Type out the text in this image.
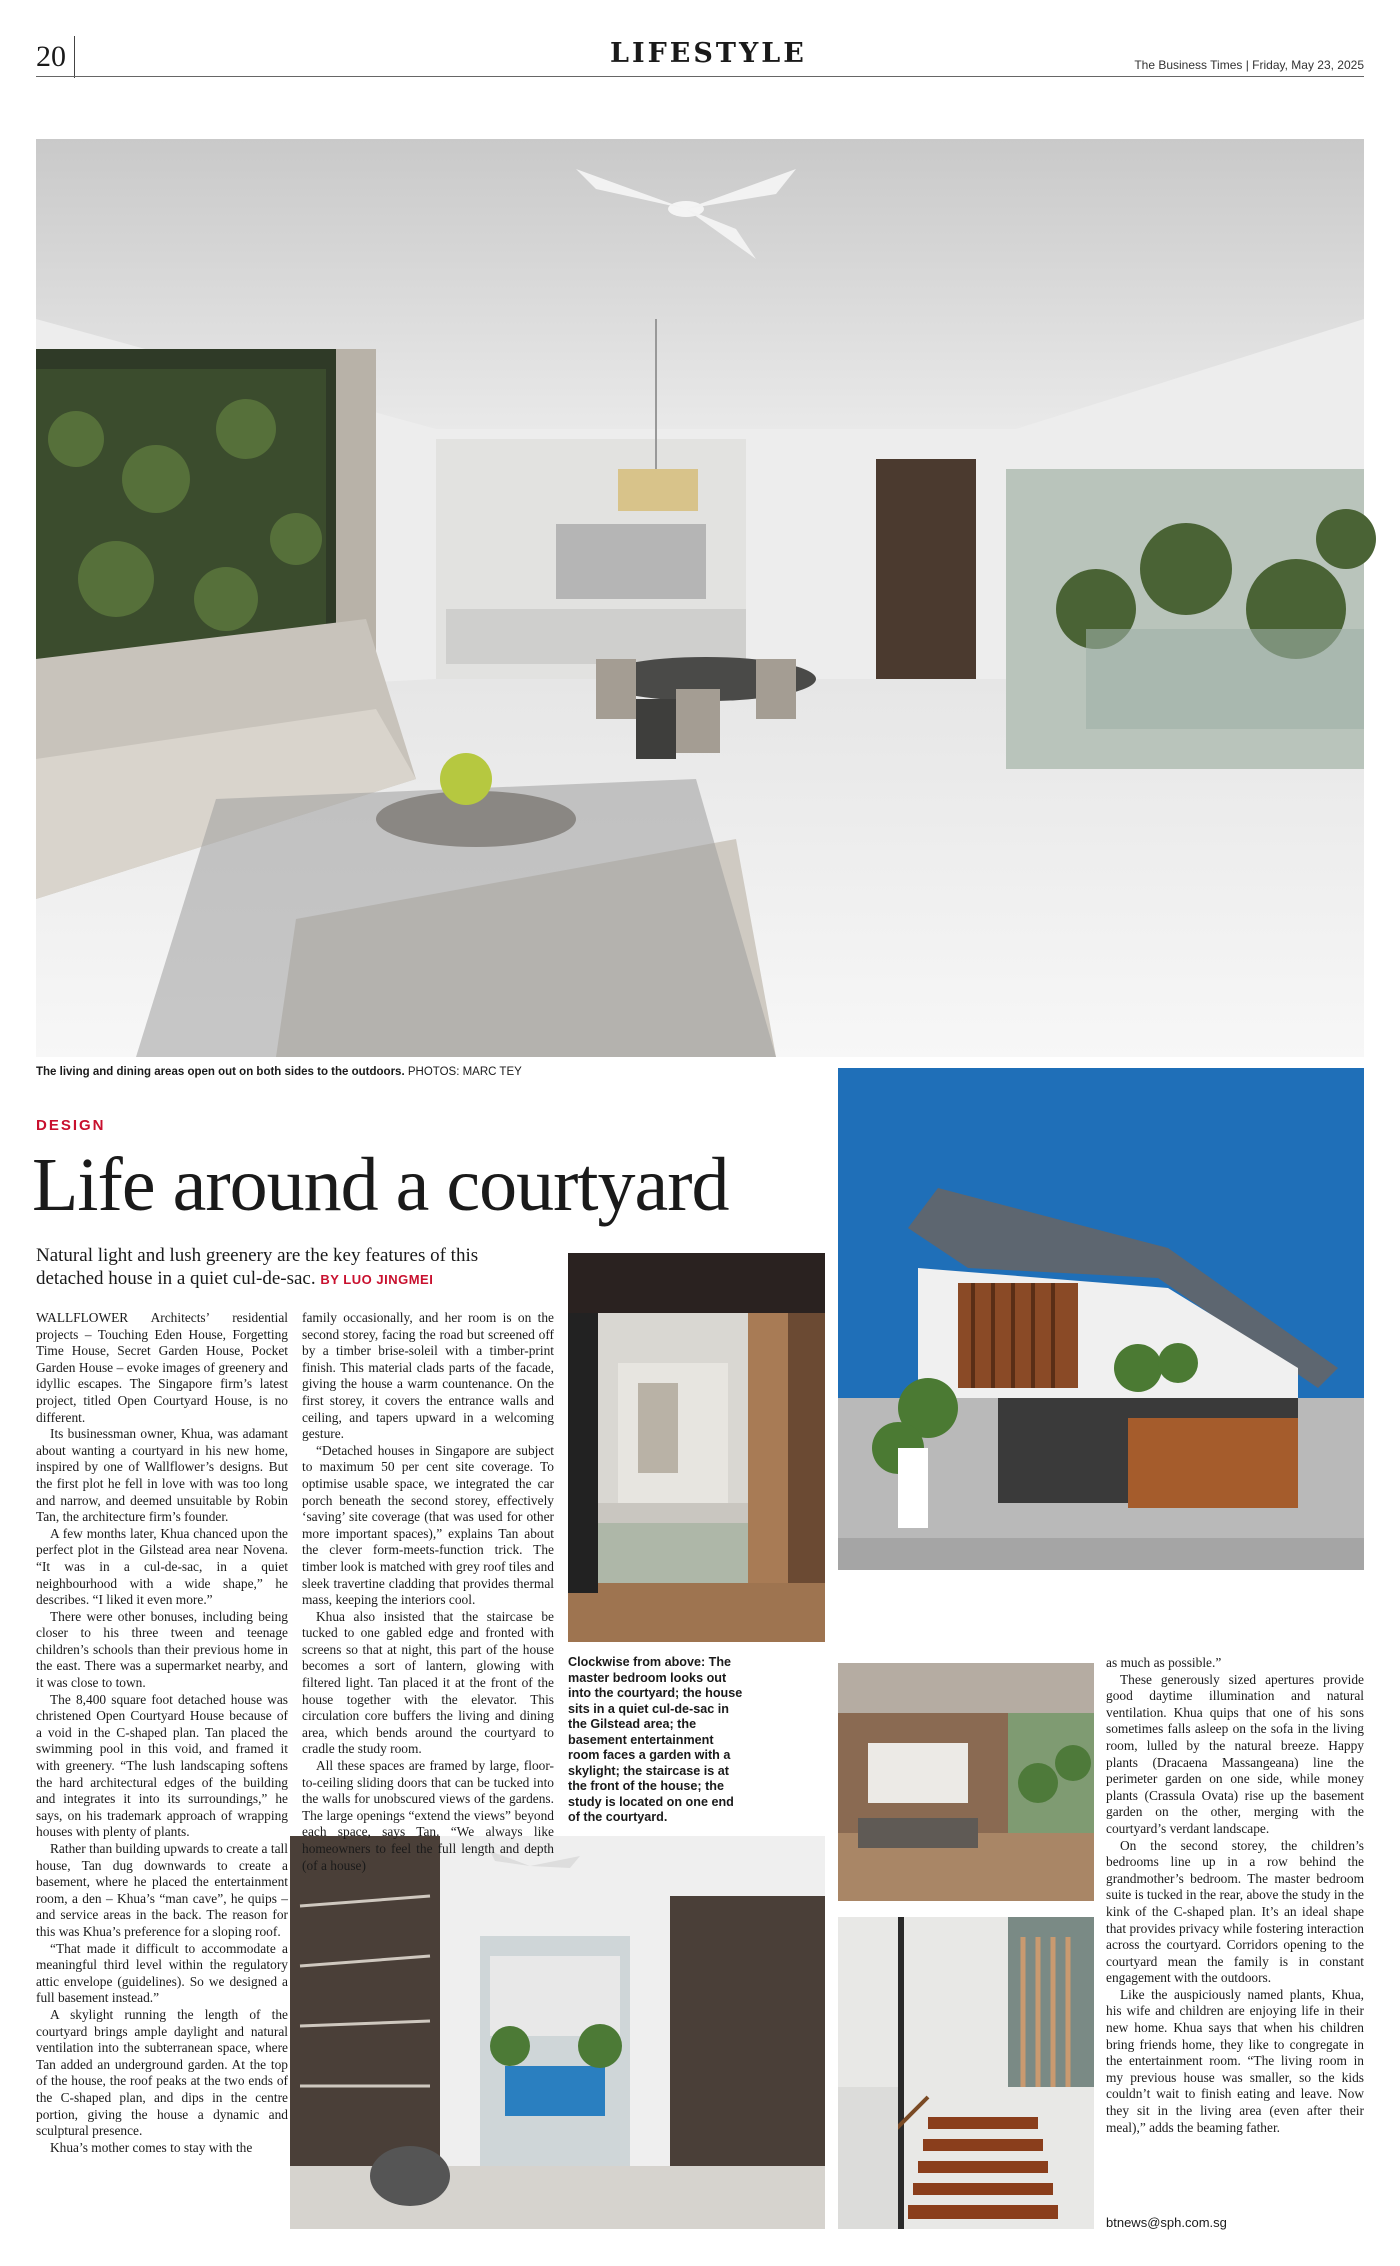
20	LIFESTYLE	The Business Times | Friday, May 23, 2025
The living and dining areas open out on both sides to the outdoors. PHOTOS: MARC TEY
DESIGN
Life around a courtyard
Natural light and lush greenery are the key features of this detached house in a quiet cul-de-sac. BY LUO JINGMEI

WALLFLOWER Architects’ residential projects – Touching Eden House, Forgetting Time House, Secret Garden House, Pocket Garden House – evoke images of greenery and idyllic escapes. The Singapore firm’s latest project, titled Open Courtyard House, is no different.

Its businessman owner, Khua, was adamant about wanting a courtyard in his new home, inspired by one of Wallflower’s designs. But the first plot he fell in love with was too long and narrow, and deemed unsuitable by Robin Tan, the architecture firm’s founder.

A few months later, Khua chanced upon the perfect plot in the Gilstead area near Novena. “It was in a cul-de-sac, in a quiet neighbourhood with a wide shape,” he describes. “I liked it even more.”

There were other bonuses, including being closer to his three tween and teenage children’s schools than their previous home in the east. There was a supermarket nearby, and it was close to town.

The 8,400 square foot detached house was christened Open Courtyard House because of a void in the C-shaped plan. Tan placed the swimming pool in this void, and framed it with greenery. “The lush landscaping softens the hard architectural edges of the building and integrates it into its surroundings,” he says, on his trademark approach of wrapping houses with plenty of plants.

Rather than building upwards to create a tall house, Tan dug downwards to create a basement, where he placed the entertainment room, a den – Khua’s “man cave”, he quips – and service areas in the back. The reason for this was Khua’s preference for a sloping roof.

“That made it difficult to accommodate a meaningful third level within the regulatory attic envelope (guidelines). So we designed a full basement instead.”

A skylight running the length of the courtyard brings ample daylight and natural ventilation into the subterranean space, where Tan added an underground garden. At the top of the house, the roof peaks at the two ends of the C-shaped plan, and dips in the centre portion, giving the house a dynamic and sculptural presence.

Khua’s mother comes to stay with the

family occasionally, and her room is on the second storey, facing the road but screened off by a timber brise-soleil with a timber-print finish. This material clads parts of the facade, giving the house a warm countenance. On the first storey, it covers the entrance walls and ceiling, and tapers upward in a welcoming gesture.

“Detached houses in Singapore are subject to maximum 50 per cent site coverage. To optimise usable space, we integrated the car porch beneath the second storey, effectively ‘saving’ site coverage (that was used for other more important spaces),” explains Tan about the clever form-meets-function trick. The timber look is matched with grey roof tiles and sleek travertine cladding that provides thermal mass, keeping the interiors cool.

Khua also insisted that the staircase be tucked to one gabled edge and fronted with screens so that at night, this part of the house becomes a sort of lantern, glowing with filtered light. Tan placed it at the front of the house together with the elevator. This circulation core buffers the living and dining area, which bends around the courtyard to cradle the study room.

All these spaces are framed by large, floor-to-ceiling sliding doors that can be tucked into the walls for unobscured views of the gardens. The large openings “extend the views” beyond each space, says Tan. “We always like homeowners to feel the full length and depth (of a house)

Clockwise from above: The master bedroom looks out into the courtyard; the house sits in a quiet cul-de-sac in the Gilstead area; the basement entertainment room faces a garden with a skylight; the staircase is at the front of the house; the study is located on one end of the courtyard.

as much as possible.”

These generously sized apertures provide good daytime illumination and natural ventilation. Khua quips that one of his sons sometimes falls asleep on the sofa in the living room, lulled by the natural breeze. Happy plants (Dracaena Massangeana) line the perimeter garden on one side, while money plants (Crassula Ovata) rise up the basement garden on the other, merging with the courtyard’s verdant landscape.

On the second storey, the children’s bedrooms line up in a row behind the grandmother’s bedroom. The master bedroom suite is tucked in the rear, above the study in the kink of the C-shaped plan. It’s an ideal shape that provides privacy while fostering interaction across the courtyard. Corridors opening to the courtyard mean the family is in constant engagement with the outdoors.

Like the auspiciously named plants, Khua, his wife and children are enjoying life in their new home. Khua says that when his children bring friends home, they like to congregate in the entertainment room. “The living room in my previous house was smaller, so the kids couldn’t wait to finish eating and leave. Now they sit in the living area (even after their meal),” adds the beaming father.

btnews@sph.com.sg
